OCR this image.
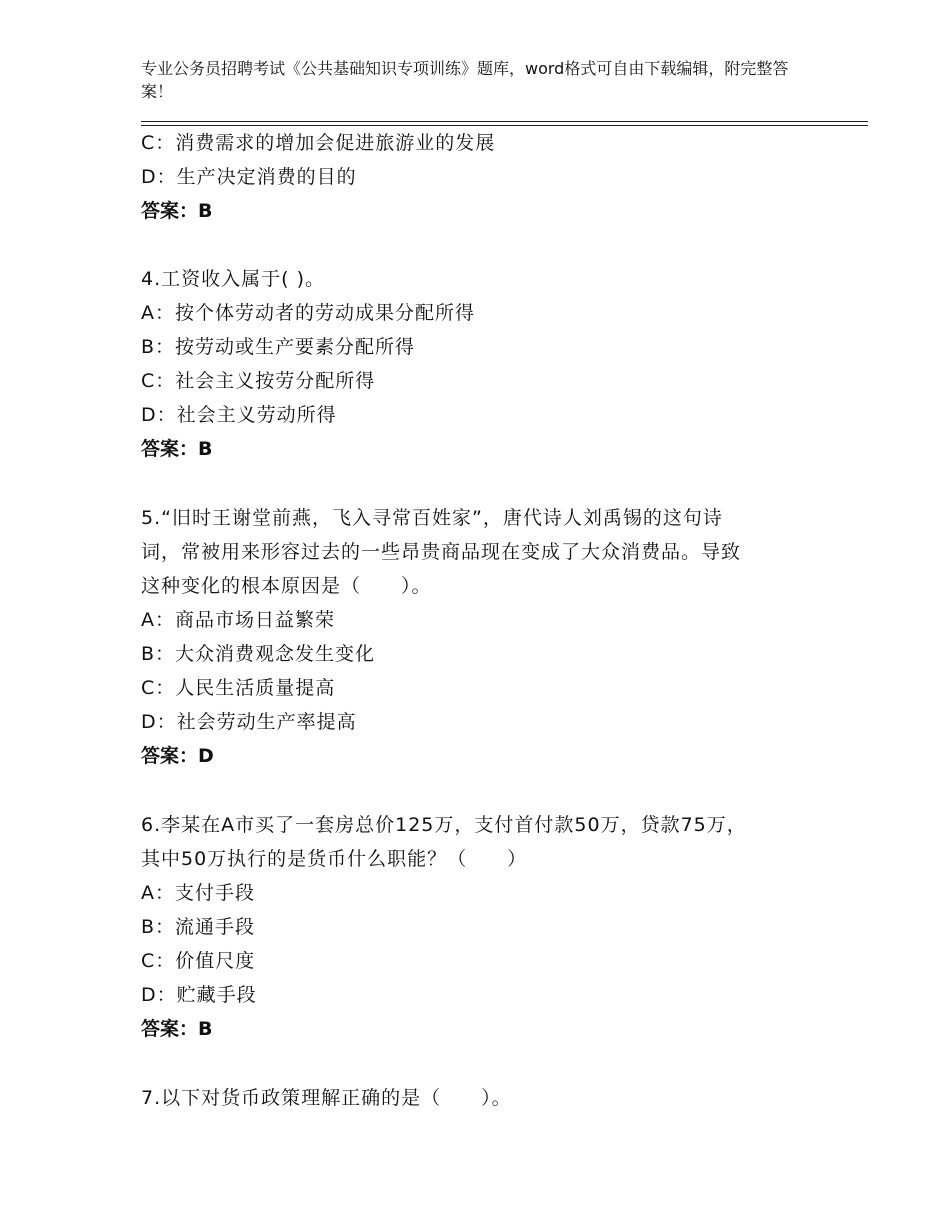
专业公务员招聘考试《公共基础知识专项训练》题库，word格式可自由下载编辑，附完整答案！
C：消费需求的增加会促进旅游业的发展
D：生产决定消费的目的
答案：B
4.工资收入属于( )。
A：按个体劳动者的劳动成果分配所得
B：按劳动或生产要素分配所得
C：社会主义按劳分配所得
D：社会主义劳动所得
答案：B
5.“旧时王谢堂前燕，飞入寻常百姓家”，唐代诗人刘禹锡的这句诗
词，常被用来形容过去的一些昂贵商品现在变成了大众消费品。导致
这种变化的根本原因是（　　）。
A：商品市场日益繁荣
B：大众消费观念发生变化
C：人民生活质量提高
D：社会劳动生产率提高
答案：D
6.李某在A市买了一套房总价125万，支付首付款50万，贷款75万，
其中50万执行的是货币什么职能？（　　）
A：支付手段
B：流通手段
C：价值尺度
D：贮藏手段
答案：B
7.以下对货币政策理解正确的是（　　）。
